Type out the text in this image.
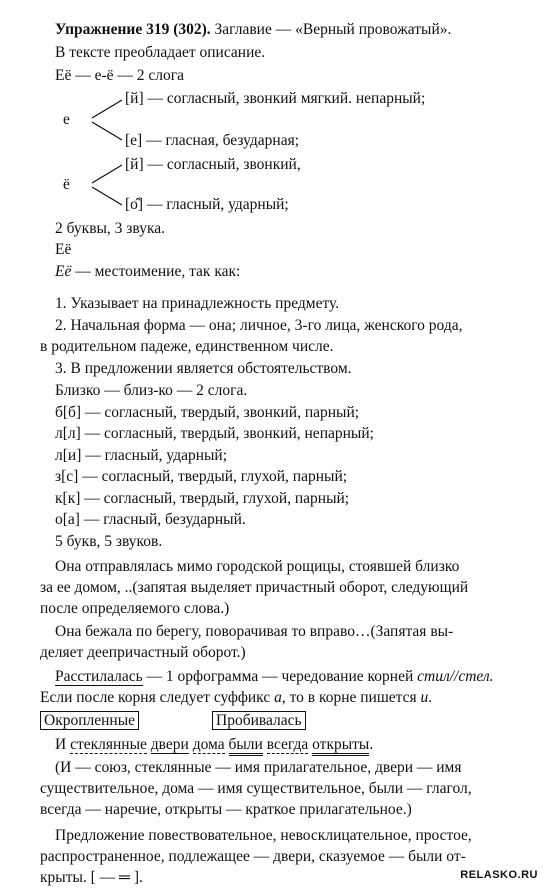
Упражнение 319 (302). Заглавие — «Верный провожатый».
В тексте преобладает описание.
Её — е-ё — 2 слога
[й] — согласный, звонкий мягкий. непарный;
е
[е] — гласная, безударная;
[й] — согласный, звонкий,
ё
[о̂] — гласный, ударный;
2 буквы, 3 звука.
Её
Её — местоимение, так как:
1. Указывает на принадлежность предмету.
2. Начальная форма — она; личное, 3-го лица, женского рода,
в родительном падеже, единственном числе.
3. В предложении является обстоятельством.
Близко — близ-ко — 2 слога.
б[б] — согласный, твердый, звонкий, парный;
л[л] — согласный, твердый, звонкий, непарный;
л[и] — гласный, ударный;
з[с] — согласный, твердый, глухой, парный;
к[к] — согласный, твердый, глухой, парный;
о[а] — гласный, безударный.
5 букв, 5 звуков.
Она отправлялась мимо городской рощицы, стоявшей близко
за ее домом, ..(запятая выделяет причастный оборот, следующий
после определяемого слова.)
Она бежала по берегу, поворачивая то вправо…(Запятая вы-
деляет деепричастный оборот.)
Расстилалась — 1 орфограмма — чередование корней стил//стел.
Если после корня следует суффикс а, то в корне пишется и.
Окропленные	Пробивалась
И стеклянные двери дома были всегда открыты.
(И — союз, стеклянные — имя прилагательное, двери — имя
существительное, дома — имя существительное, были — глагол,
всегда — наречие, открыты — краткое прилагательное.)
Предложение повествовательное, невосклицательное, простое,
распространенное, подлежащее — двери, сказуемое — были от-
крыты. [ — ═ ].	RELASKO.RU
